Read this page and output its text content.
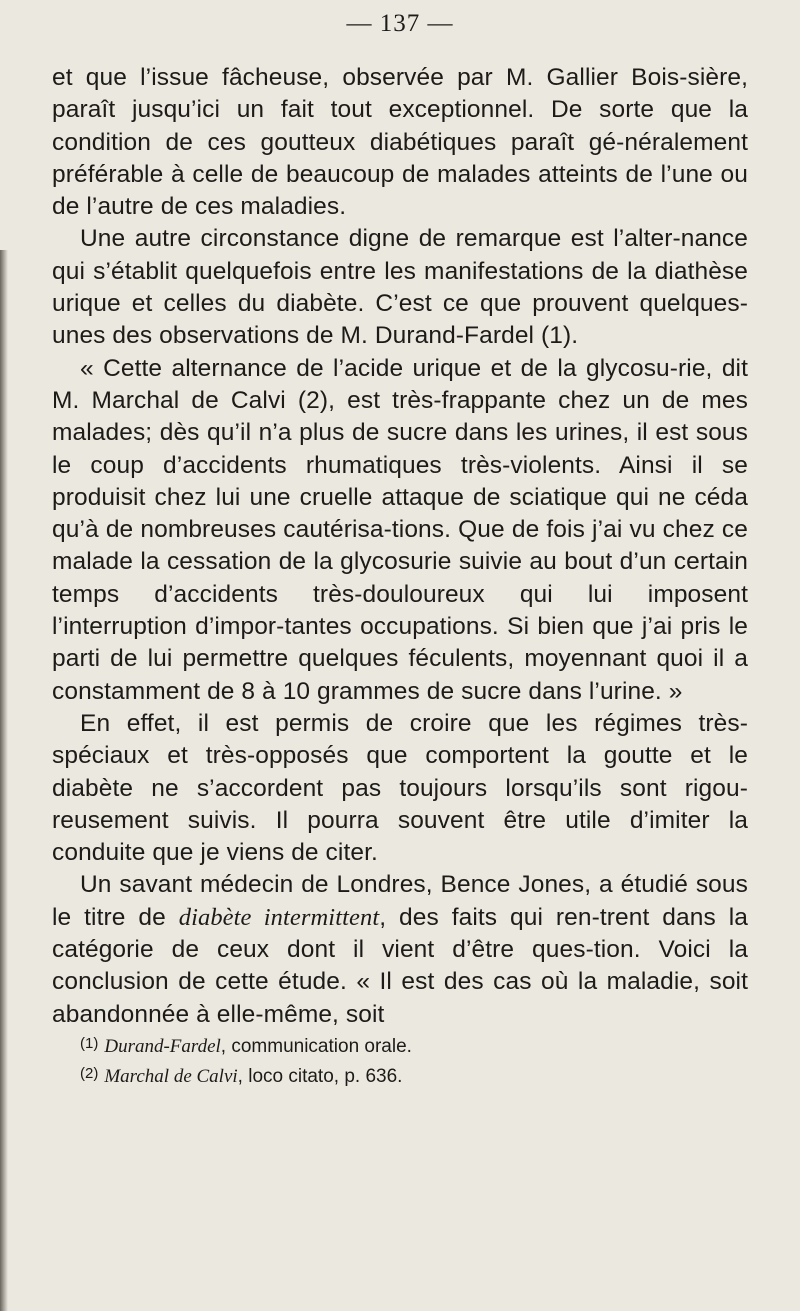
— 137 —

et que l’issue fâcheuse, observée par M. Gallier Bois-sière, paraît jusqu’ici un fait tout exceptionnel. De sorte que la condition de ces goutteux diabétiques paraît gé-néralement préférable à celle de beaucoup de malades atteints de l’une ou de l’autre de ces maladies.

Une autre circonstance digne de remarque est l’alter-nance qui s’établit quelquefois entre les manifestations de la diathèse urique et celles du diabète. C’est ce que prouvent quelques-unes des observations de M. Durand-Fardel (1).

« Cette alternance de l’acide urique et de la glycosu-rie, dit M. Marchal de Calvi (2), est très-frappante chez un de mes malades; dès qu’il n’a plus de sucre dans les urines, il est sous le coup d’accidents rhumatiques très-violents. Ainsi il se produisit chez lui une cruelle attaque de sciatique qui ne céda qu’à de nombreuses cautérisa-tions. Que de fois j’ai vu chez ce malade la cessation de la glycosurie suivie au bout d’un certain temps d’accidents très-douloureux qui lui imposent l’interruption d’impor-tantes occupations. Si bien que j’ai pris le parti de lui permettre quelques féculents, moyennant quoi il a constamment de 8 à 10 grammes de sucre dans l’urine. »

En effet, il est permis de croire que les régimes très-spéciaux et très-opposés que comportent la goutte et le diabète ne s’accordent pas toujours lorsqu’ils sont rigou-reusement suivis. Il pourra souvent être utile d’imiter la conduite que je viens de citer.

Un savant médecin de Londres, Bence Jones, a étudié sous le titre de diabète intermittent, des faits qui ren-trent dans la catégorie de ceux dont il vient d’être ques-tion. Voici la conclusion de cette étude. « Il est des cas où la maladie, soit abandonnée à elle-même, soit

$^{(1)}$ Durand-Fardel, communication orale.

$^{(2)}$ Marchal de Calvi, loco citato, p. 636.
